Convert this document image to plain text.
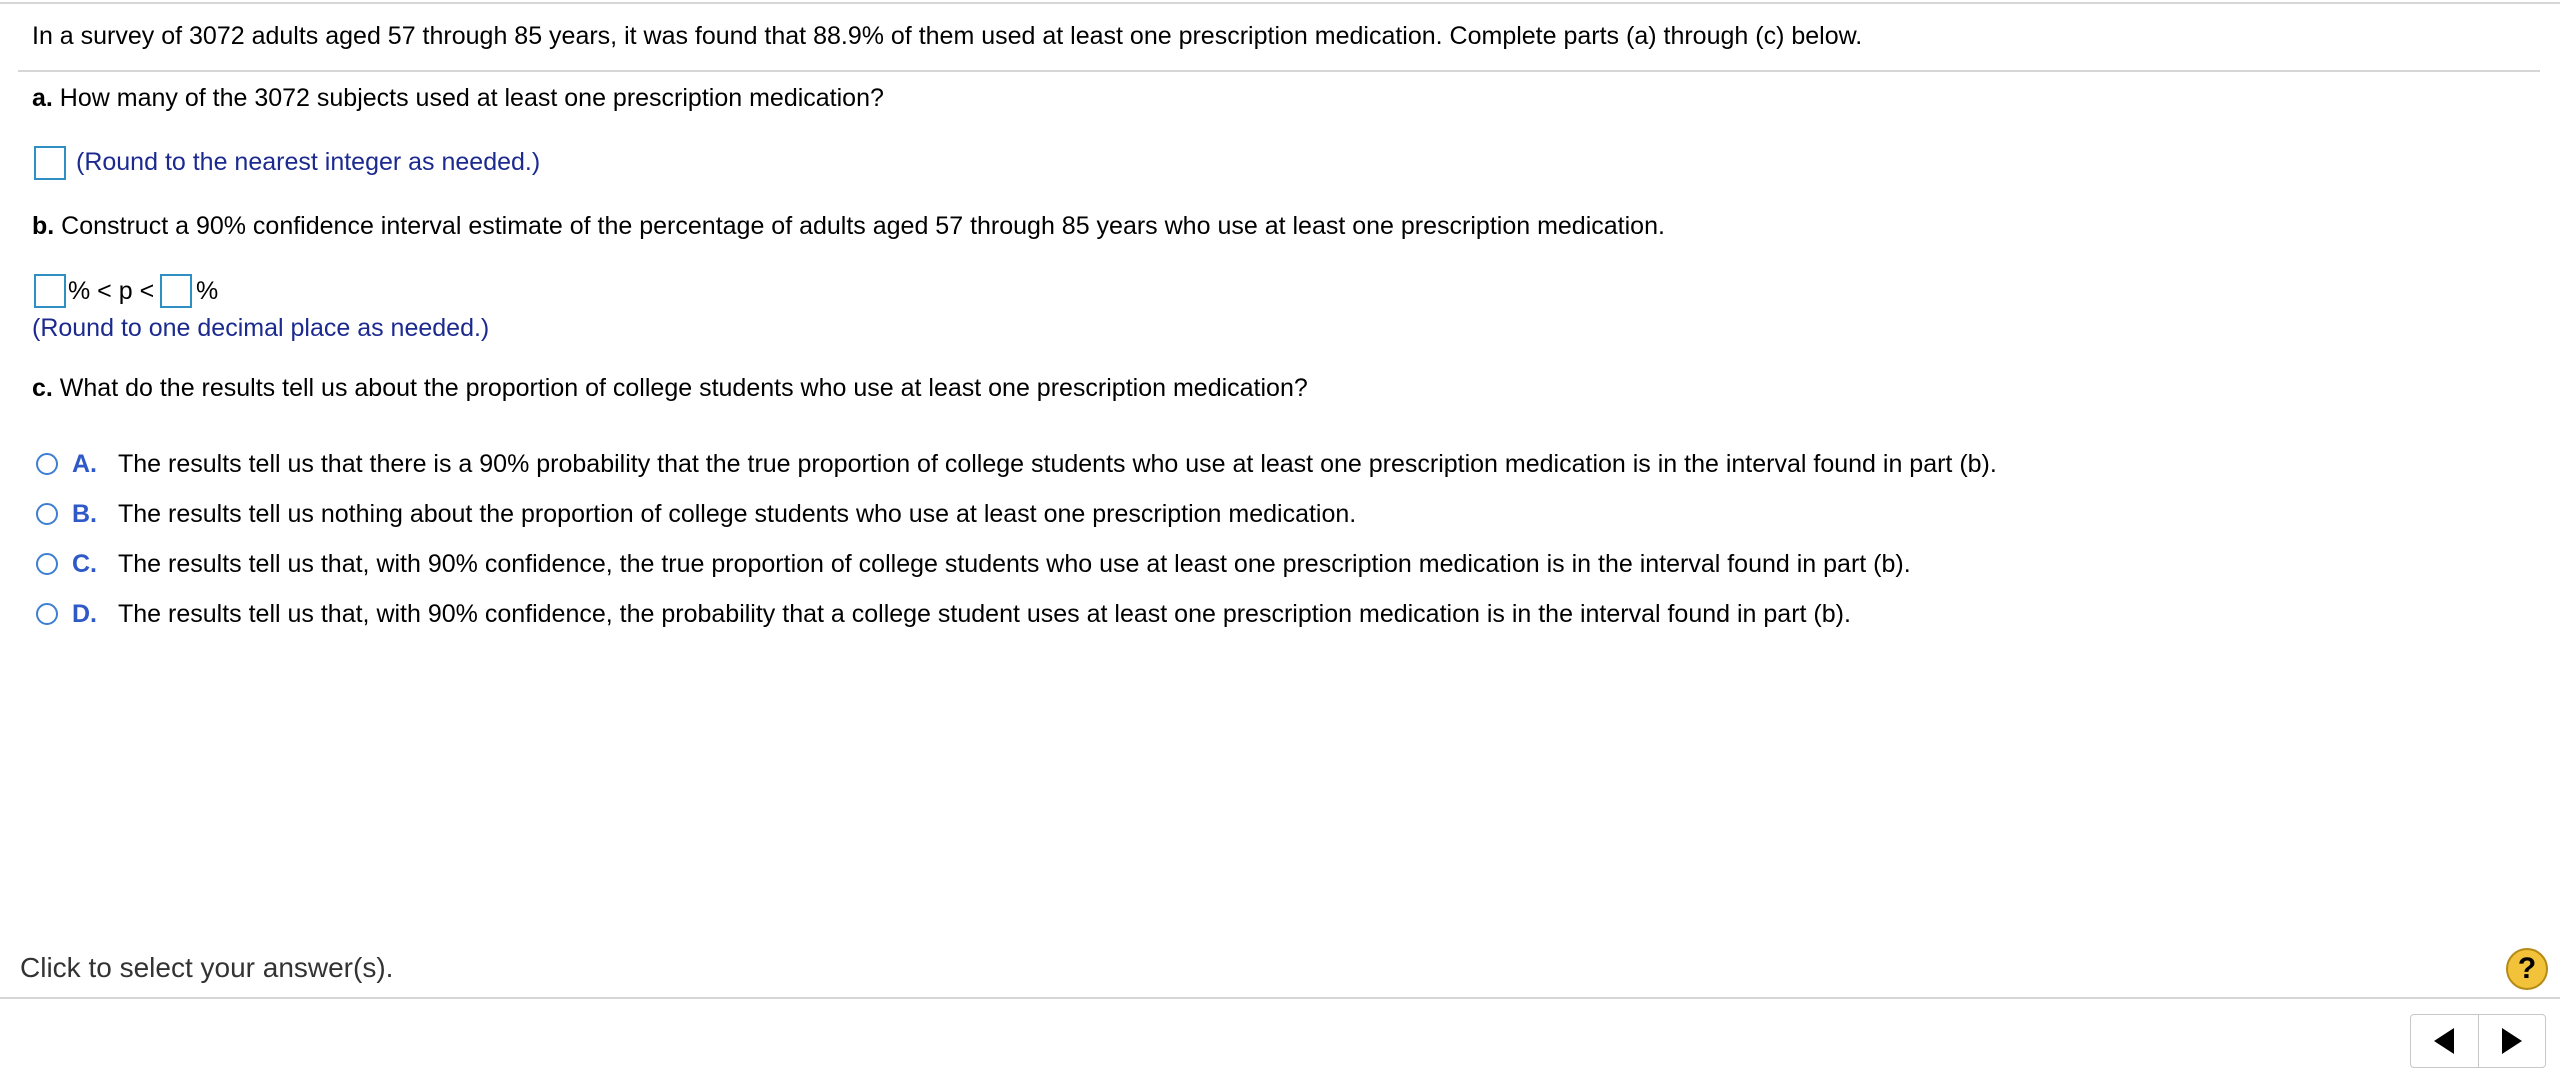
In a survey of 3072 adults aged 57 through 85 years, it was found that 88.9% of them used at least one prescription medication. Complete parts (a) through (c) below.
a. How many of the 3072 subjects used at least one prescription medication?
(Round to the nearest integer as needed.)
b. Construct a 90% confidence interval estimate of the percentage of adults aged 57 through 85 years who use at least one prescription medication.
% < p < %
(Round to one decimal place as needed.)
c. What do the results tell us about the proportion of college students who use at least one prescription medication?
A. The results tell us that there is a 90% probability that the true proportion of college students who use at least one prescription medication is in the interval found in part (b).
B. The results tell us nothing about the proportion of college students who use at least one prescription medication.
C. The results tell us that, with 90% confidence, the true proportion of college students who use at least one prescription medication is in the interval found in part (b).
D. The results tell us that, with 90% confidence, the probability that a college student uses at least one prescription medication is in the interval found in part (b).
Click to select your answer(s).	?
